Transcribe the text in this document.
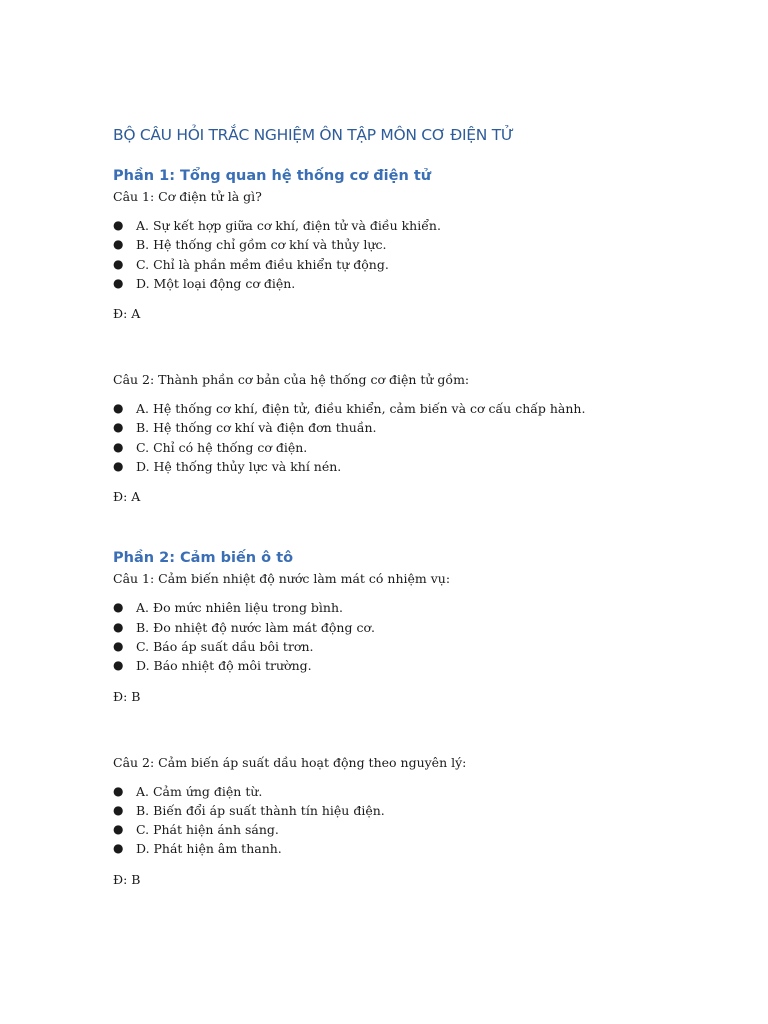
BỘ CÂU HỎI TRẮC NGHIỆM ÔN TẬP MÔN CƠ ĐIỆN TỬ
Phần 1: Tổng quan hệ thống cơ điện tử

Câu 1: Cơ điện tử là gì?

● A. Sự kết hợp giữa cơ khí, điện tử và điều khiển.
● B. Hệ thống chỉ gồm cơ khí và thủy lực.
● C. Chỉ là phần mềm điều khiển tự động.
● D. Một loại động cơ điện.

Đ: A

Câu 2: Thành phần cơ bản của hệ thống cơ điện tử gồm:

● A. Hệ thống cơ khí, điện tử, điều khiển, cảm biến và cơ cấu chấp hành.
● B. Hệ thống cơ khí và điện đơn thuần.
● C. Chỉ có hệ thống cơ điện.
● D. Hệ thống thủy lực và khí nén.

Đ: A

Phần 2: Cảm biến ô tô

Câu 1: Cảm biến nhiệt độ nước làm mát có nhiệm vụ:

● A. Đo mức nhiên liệu trong bình.
● B. Đo nhiệt độ nước làm mát động cơ.
● C. Báo áp suất dầu bôi trơn.
● D. Báo nhiệt độ môi trường.

Đ: B

Câu 2: Cảm biến áp suất dầu hoạt động theo nguyên lý:

● A. Cảm ứng điện từ.
● B. Biến đổi áp suất thành tín hiệu điện.
● C. Phát hiện ánh sáng.
● D. Phát hiện âm thanh.

Đ: B
